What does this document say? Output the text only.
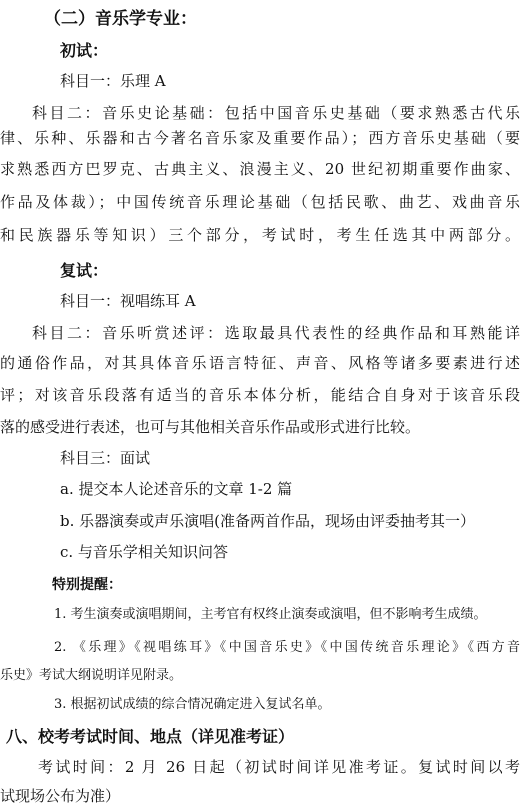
（二）音乐学专业：
初试：
科目一：乐理 A
科目二：音乐史论基础：包括中国音乐史基础（要求熟悉古代乐
律、乐种、乐器和古今著名音乐家及重要作品）；西方音乐史基础（要
求熟悉西方巴罗克、古典主义、浪漫主义、20 世纪初期重要作曲家、
作品及体裁）；中国传统音乐理论基础（包括民歌、曲艺、戏曲音乐
和民族器乐等知识）三个部分，考试时，考生任选其中两部分。
复试：
科目一：视唱练耳 A
科目二：音乐听赏述评：选取最具代表性的经典作品和耳熟能详
的通俗作品，对其具体音乐语言特征、声音、风格等诸多要素进行述
评；对该音乐段落有适当的音乐本体分析，能结合自身对于该音乐段
落的感受进行表述，也可与其他相关音乐作品或形式进行比较。
科目三：面试
a. 提交本人论述音乐的文章 1-2 篇
b. 乐器演奏或声乐演唱(准备两首作品，现场由评委抽考其一）
c. 与音乐学相关知识问答
特别提醒：
1. 考生演奏或演唱期间，主考官有权终止演奏或演唱，但不影响考生成绩。
2. 《乐理》《视唱练耳》《中国音乐史》《中国传统音乐理论》《西方音
乐史》考试大纲说明详见附录。
3. 根据初试成绩的综合情况确定进入复试名单。
八、校考考试时间、地点（详见准考证）
考试时间：2 月 26 日起（初试时间详见准考证。复试时间以考
试现场公布为准）
